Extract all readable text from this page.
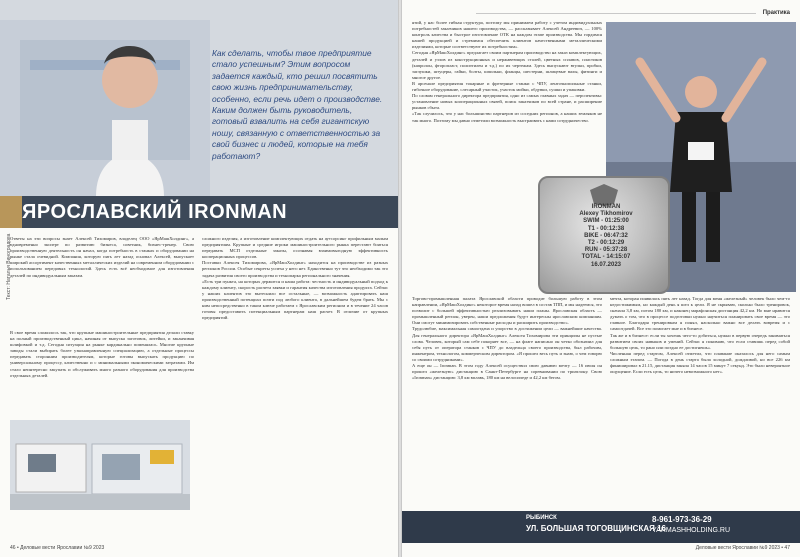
Как сделать, чтобы твое предприятие стало успешным? Этим вопросом задается каждый, кто решил посвятить свою жизнь предпринимательству, особенно, если речь идет о производстве. Каким должен быть руководитель, готовый взвалить на себя гигантскую ношу, связанную с ответственностью за свой бизнес и людей, которые на тебя работают?
ЯРОСЛАВСКИЙ IRONMAN
Ответы на эти вопросы знает Алексей Тихомиров, владелец ООО «ЯрМашХолдинг», а одновременно эксперт по развитию бизнеса, советник, бизнес-тренер. Свою производственную деятельность он начал, когда потребность в станках и оборудовании на рынке стала очевидной. Компания, которую пять лет назад основал Алексей, выпускает широкий ассортимент качественных металлических изделий на современном оборудовании с использованием передовых технологий. Здесь есть всё необходимое для изготовления деталей по индивидуальным заказам.
В свое время сложилось так, что крупные машиностроительные предприятия делали ставку на полный производственный цикл, начиная от выпуска заготовок, литейки, и заканчивая шлифовкой и т.д. Сегодня ситуация на рынке кардинально поменялась. Многие крупные заводы стали выбирать более узконаправленную специализацию, а отдельные процессы передавать сторонним производителям, которые готовы выпускать продукцию по универсальному процессу, качественно и с минимальными экономическими затратами. Им стало неинтересно закупать и обслуживать много разного оборудования для производства отдельных деталей.
сложного изделия, а изготовление комплектующих отдать на аутсорсинг профильным малым предприятиям. Крупные и средние игроки машиностроительного рынка перестают бояться передавать МСП отдельные заказы, осознавая взаимовыгодную эффективность кооперационных процессов.
Поставки Алексея Тихомирова, «ЯрМашХолдинг» находится на производстве из разных регионов России. Особые секреты успеха у него нет. Единственно тут что необходимо так это задача развития своего производства и технопарка регионального значения.
«Есть три пункта, на которых держится и наша работа: честность и индивидуальный подход к каждому клиенту, скорость расчета заявки и гарантия качества изготовления продукта. Сейчас у наших клиентов это вытеснило все остальные, — возможность адаптировать наш производственный потенциал почти под любого клиента, в дальнейшем будем брать. Мы с ним непосредственно в таком ключе работаем с Ярославским регионом и в течение 24 часов готовы предоставить потенциальным партнерам наш расчет. В отличие от крупных предприятий.
Текст: Наталья Виноградова
46 • Деловые вести Ярославии №9 2023
Практика
ятий, у нас более гибкая структура, поэтому мы принимаем работу с учетом индивидуальных потребностей заказчиков нашего производства, — рассказывает Алексей Андреевич, — 100% контроль качества и быстрое изготовление ОТК на каждом этапе производства. Мы гордимся нашей продукцией и стремимся обеспечить клиентов качественными металлическими изделиями, которые соответствуют их потребностям».
Сегодня «ЯрМашХолдинг» предлагает своим партнерам производство на заказ комплектующих, деталей и узлов из конструкционных и нержавеющих сталей, цветных сплавов, пластиков (капролон, фторопласт, полиэтилен и т.д.) по их чертежам. Здесь выпускают втулки, пробки, заглушки, штуцеры, гайки, болты, шпильки, фланцы, шестерни, шлицевые валы, фитинги и многое другое.
В арсенале предприятия токарные и фрезерные станки с ЧПУ, ленточнопильные станки, гибочное оборудование, слесарный участок, участок мойки, обдувки, сушки и упаковки.
По словам генерального директора предприятия, одно из самых главных задач — перспективы: установление новых кооперационных связей, поиск заказчиков по всей стране, и расширение рынков сбыта.
«Так случилось, что у нас большинство партнеров из соседних регионов, а наших земляков не так много. Поэтому мы давно отметили возможность выстраивать с нами сотрудничество.
IRONMAN
Alexey Tikhomirov
SWIM - 01:25:00
T1 - 00:12:38
BIKE - 06:47:32
T2 - 00:12:29
RUN - 05:37:28
TOTAL - 14:15:07
16.07.2023
Торгово-промышленная палата Ярославской области проводит большую работу в этом направлении, «ЯрМашХолдинг» некоторое время назад вошел в состав ТПП, и мы надеемся, это позволит с большей эффективностью реализовывать наши планы. Ярославская область — промышленный регион, уверен, наши предложения будут интересны ярославским компаниям. Они смогут минимизировать собственные расходы и расширить производство».
Трудолюбие, максимальная самоотдача и упорство в достижении цели — важнейшие качества. Для генерального директора «ЯрМашХолдинг» Алексея Тихомирова эти принципы не пустые слова. Человек, который сам себе покоряет все, — на флаге написано он четко обозначил для себя путь от оператора станков с ЧПУ до владельца своего производства, был рабочим, инженером, технологом, коммерческим директором. «Я прошел весь путь и знаю, о чем говорю со своими сотрудниками».
А еще он — Ironman. В этом году Алексей осуществил свою давнюю мечту — 16 июля он прошел «железную» дистанцию в Санкт-Петербурге на соревновании по триатлону. Свою «Ironman» дистанцию: 3,8 км вплавь, 180 км на велосипеде и 42,2 км бегом.
мечта, которая появилась пять лет назад. Тогда для меня «железный» человек было чем-то недостижимым, но каждый день я шел к цели. Я не скрываю, сколько было тренировок, сначала 3,8 км, потом 180 км, и наконец марафонская дистанция 42,2 км. Но мне нравится думать о том, что в процессе подготовки нужно научиться планировать свое время — это главное. Благодаря тренировкам я понял, насколько важно все делать вовремя и с самоотдачей. Все это помогает мне и в бизнесе.
Так же и в бизнесе: если ты хочешь чего-то добиться, нужно в первую очередь заниматься развитием своих навыков и умений. Сейчас я понимаю, что если ставишь перед собой большую цель, то рано или поздно ее достигнешь».
Численная перед стартом, Алексей отметил, что плавание оказалось для него самым сложным этапом. — Погода в день старта была холодной, дождливой, но все 226 км финишировал в 21.15, дистанция заняла 14 часов 15 минут 7 секунд. Это было невероятное ощущение. Если есть цель, то ничего невозможного нет».
РЫБИНСК
УЛ. БОЛЬШАЯ ТОГОВЩИНСКАЯ 16
8-961-973-36-29
YARMASHHOLDING.RU
Деловые вести Ярославии №9 2023 • 47
